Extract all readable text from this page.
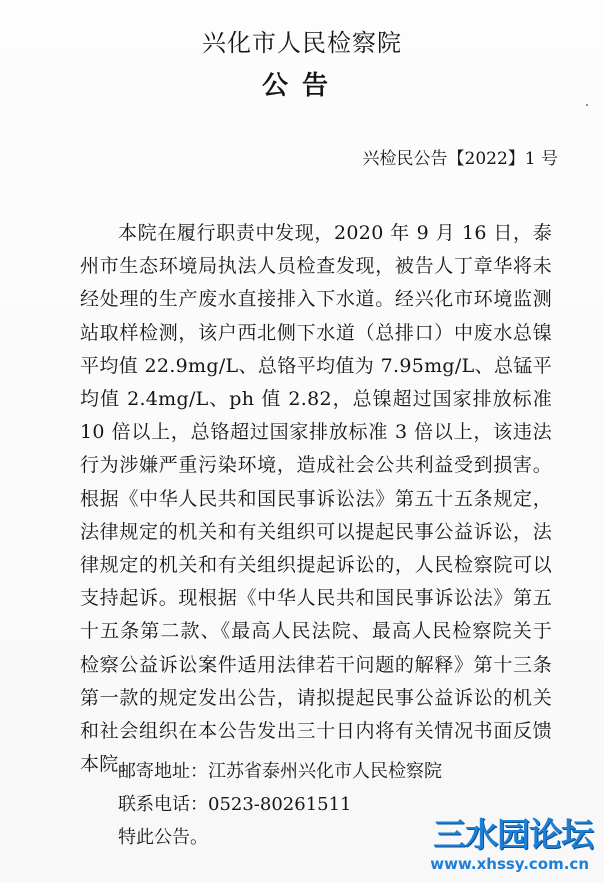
兴化市人民检察院
公告
兴检民公告【2022】1 号

本院在履行职责中发现，2020 年 9 月 16 日，泰州市生态环境局执法人员检查发现，被告人丁章华将未经处理的生产废水直接排入下水道。经兴化市环境监测站取样检测，该户西北侧下水道（总排口）中废水总镍平均值 22.9mg/L、总铬平均值为 7.95mg/L、总锰平均值 2.4mg/L、ph 值 2.82，总镍超过国家排放标准 10 倍以上，总铬超过国家排放标准 3 倍以上，该违法行为涉嫌严重污染环境，造成社会公共利益受到损害。根据《中华人民共和国民事诉讼法》第五十五条规定，法律规定的机关和有关组织可以提起民事公益诉讼，法律规定的机关和有关组织提起诉讼的，人民检察院可以支持起诉。现根据《中华人民共和国民事诉讼法》第五十五条第二款、《最高人民法院、最高人民检察院关于检察公益诉讼案件适用法律若干问题的解释》第十三条第一款的规定发出公告，请拟提起民事公益诉讼的机关和社会组织在本公告发出三十日内将有关情况书面反馈本院。

邮寄地址：江苏省泰州兴化市人民检察院
联系电话：0523-80261511
特此公告。	三水园论坛
www.xhssy.com.cn
